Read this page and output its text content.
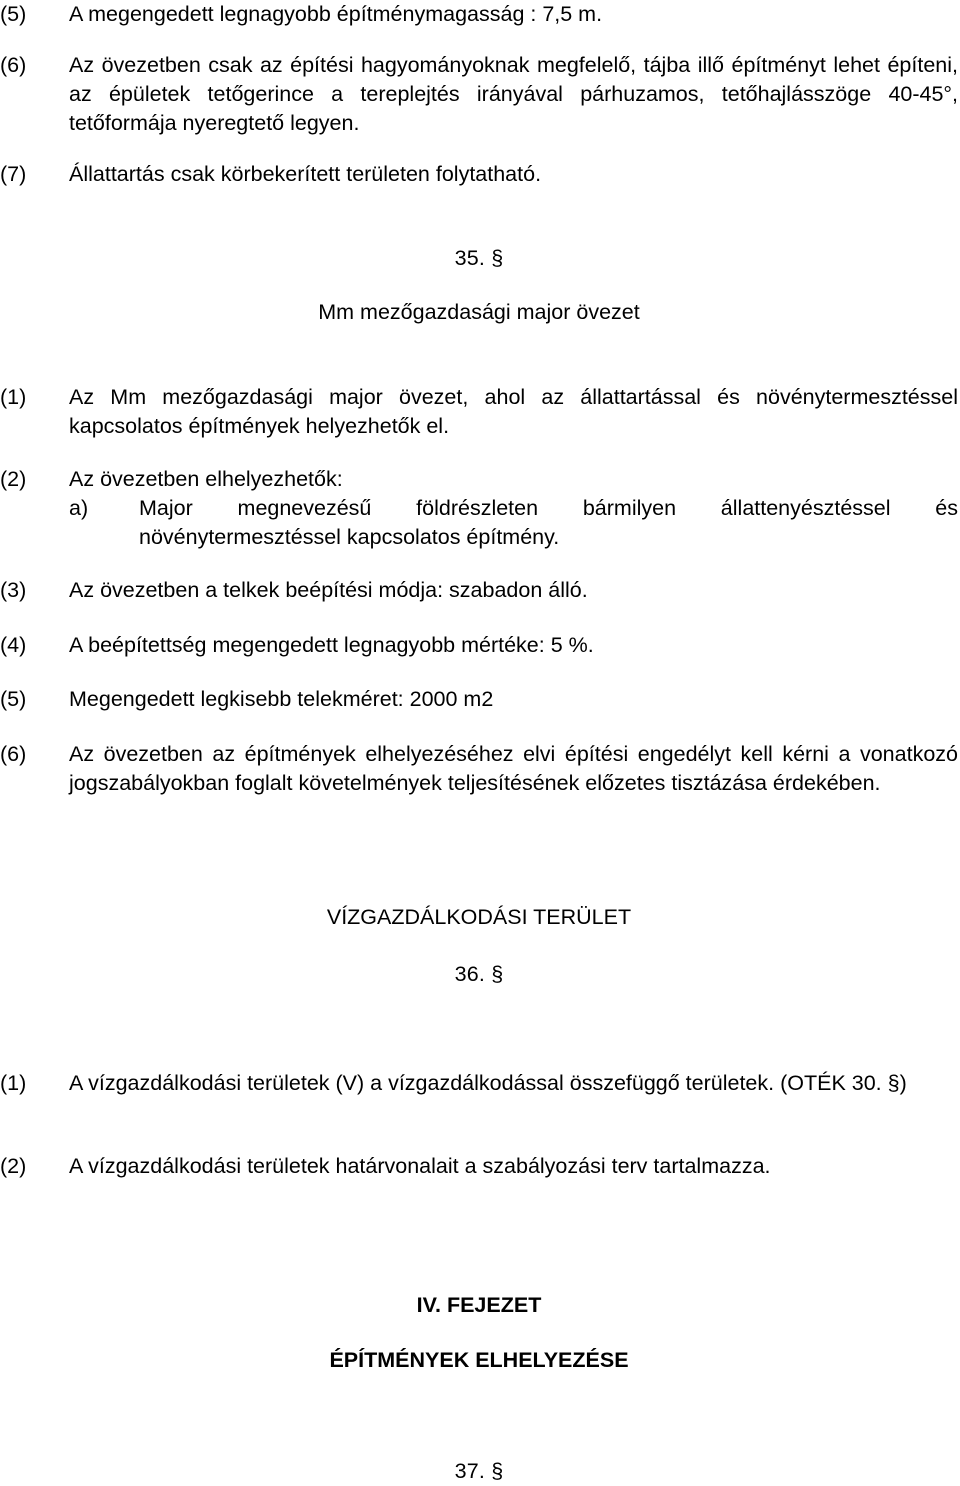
(5)	A megengedett legnagyobb építménymagasság : 7,5 m.
(6)	Az övezetben csak az építési hagyományoknak megfelelő, tájba illő építményt lehet építeni, az épületek tetőgerince a tereplejtés irányával párhuzamos, tetőhajlásszöge 40-45°, tetőformája nyeregtető legyen.
(7)	Állattartás csak körbekerített területen folytatható.
35. §
Mm mezőgazdasági major övezet
(1)	Az Mm mezőgazdasági major övezet, ahol az állattartással és növénytermesztéssel kapcsolatos építmények helyezhetők el.
(2)	Az övezetben elhelyezhetők:
a) Major megnevezésű földrészleten bármilyen állattenyésztéssel és növénytermesztéssel kapcsolatos építmény.
(3)	Az övezetben a telkek beépítési módja: szabadon álló.
(4)	A beépítettség megengedett legnagyobb mértéke: 5 %.
(5)	Megengedett legkisebb telekméret: 2000 m2
(6)	Az övezetben az építmények elhelyezéséhez elvi építési engedélyt kell kérni a vonatkozó jogszabályokban foglalt követelmények teljesítésének előzetes tisztázása érdekében.
VÍZGAZDÁLKODÁSI TERÜLET
36. §
(1)	A vízgazdálkodási területek (V) a vízgazdálkodással összefüggő területek. (OTÉK 30. §)
(2)	A vízgazdálkodási területek határvonalait a szabályozási terv tartalmazza.
IV. FEJEZET
ÉPÍTMÉNYEK ELHELYEZÉSE
37. §
